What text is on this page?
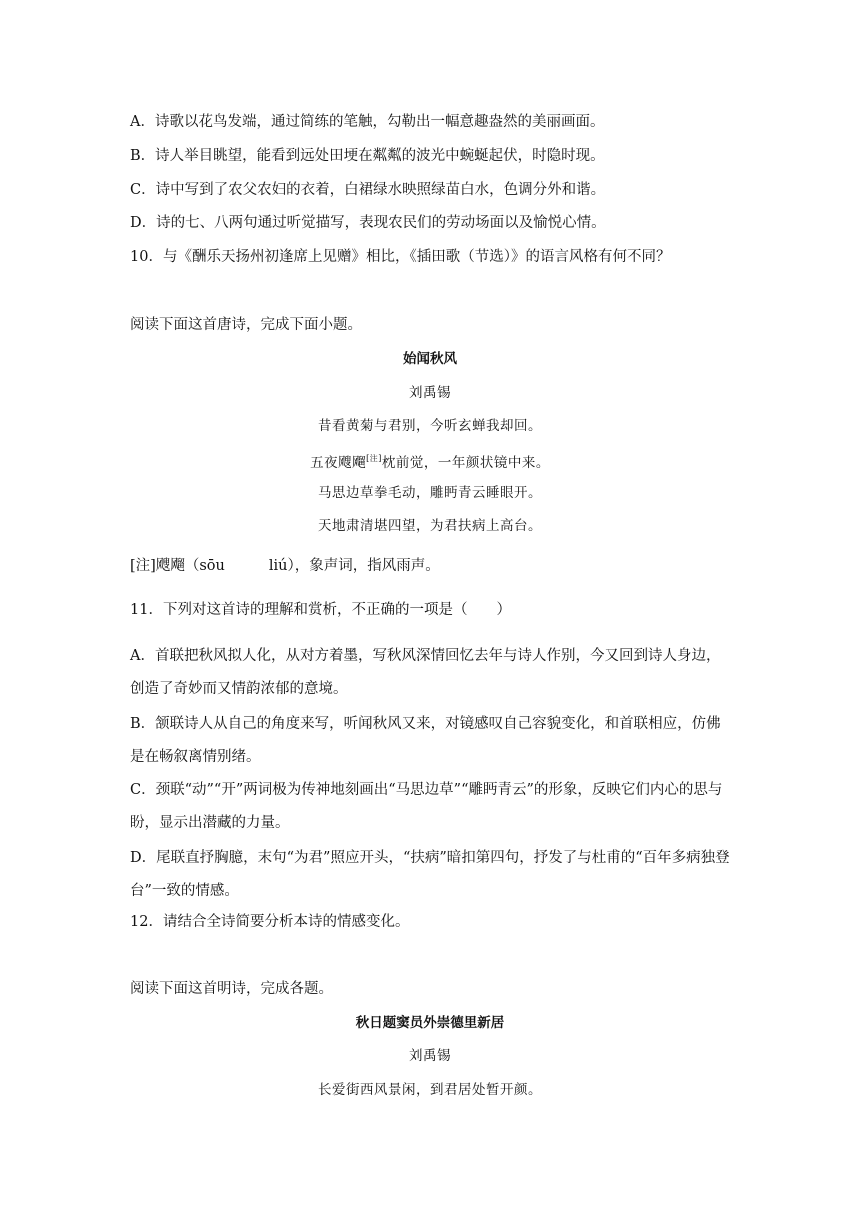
A．诗歌以花鸟发端，通过简练的笔触，勾勒出一幅意趣盎然的美丽画面。
B．诗人举目眺望，能看到远处田埂在粼粼的波光中蜿蜒起伏，时隐时现。
C．诗中写到了农父农妇的衣着，白裙绿水映照绿苗白水，色调分外和谐。
D．诗的七、八两句通过听觉描写，表现农民们的劳动场面以及愉悦心情。
10．与《酬乐天扬州初逢席上见赠》相比，《插田歌（节选）》的语言风格有何不同？
阅读下面这首唐诗，完成下面小题。
始闻秋风
刘禹锡
昔看黄菊与君别，今听玄蝉我却回。
五夜飕飗[注]枕前觉，一年颜状镜中来。
马思边草拳毛动，雕眄青云睡眼开。
天地肃清堪四望，为君扶病上高台。
[注]飕飗（sōu	liú），象声词，指风雨声。
11．下列对这首诗的理解和赏析，不正确的一项是（　　）
A．首联把秋风拟人化，从对方着墨，写秋风深情回忆去年与诗人作别，今又回到诗人身边，创造了奇妙而又情韵浓郁的意境。
B．颔联诗人从自己的角度来写，听闻秋风又来，对镜感叹自己容貌变化，和首联相应，仿佛是在畅叙离情别绪。
C．颈联“动”“开”两词极为传神地刻画出“马思边草”“雕眄青云”的形象，反映它们内心的思与盼，显示出潜藏的力量。
D．尾联直抒胸臆，末句“为君”照应开头，“扶病”暗扣第四句，抒发了与杜甫的“百年多病独登台”一致的情感。
12．请结合全诗简要分析本诗的情感变化。
阅读下面这首明诗，完成各题。
秋日题窦员外崇德里新居
刘禹锡
长爱街西风景闲，到君居处暂开颜。
